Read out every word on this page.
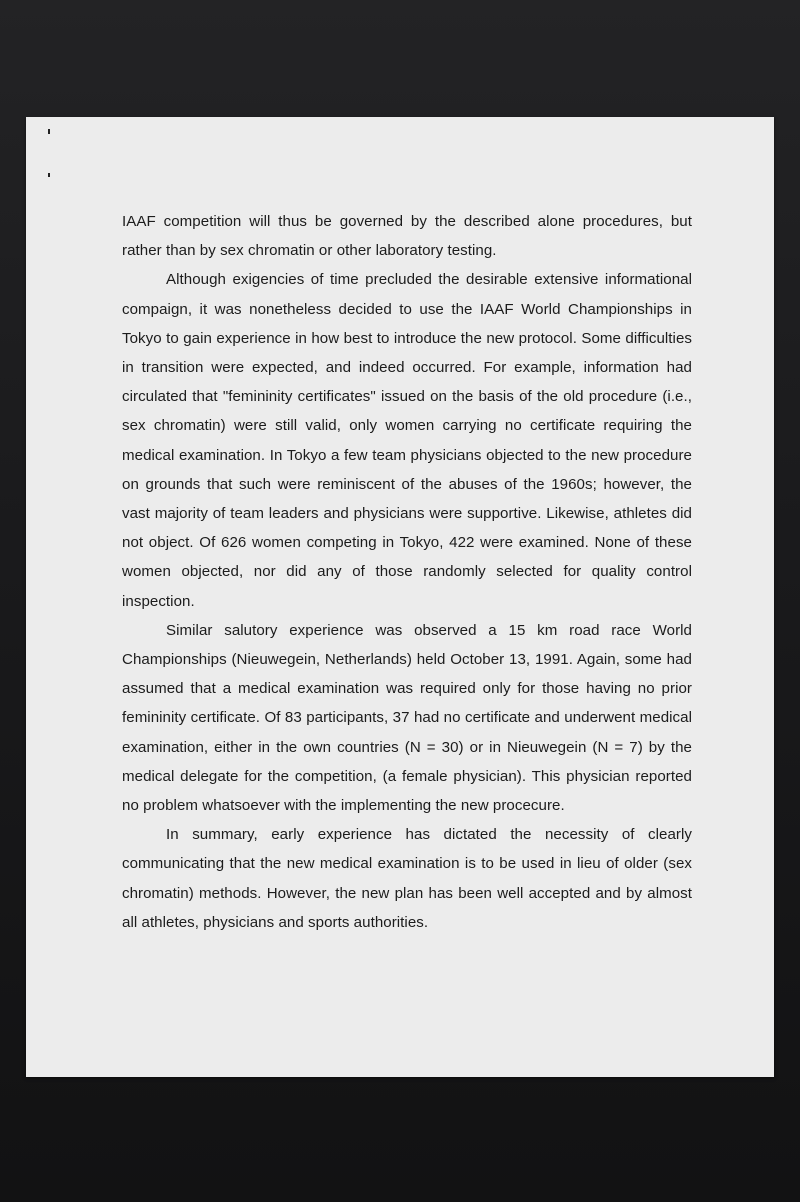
IAAF competition will thus be governed by the described alone procedures, but rather than by sex chromatin or other laboratory testing.

Although exigencies of time precluded the desirable extensive informational compaign, it was nonetheless decided to use the IAAF World Championships in Tokyo to gain experience in how best to introduce the new protocol. Some difficulties in transition were expected, and indeed occurred. For example, information had circulated that "femininity certificates" issued on the basis of the old procedure (i.e., sex chromatin) were still valid, only women carrying no certificate requiring the medical examination. In Tokyo a few team physicians objected to the new procedure on grounds that such were reminiscent of the abuses of the 1960s; however, the vast majority of team leaders and physicians were supportive. Likewise, athletes did not object. Of 626 women competing in Tokyo, 422 were examined. None of these women objected, nor did any of those randomly selected for quality control inspection.

Similar salutory experience was observed a 15 km road race World Championships (Nieuwegein, Netherlands) held October 13, 1991. Again, some had assumed that a medical examination was required only for those having no prior femininity certificate. Of 83 participants, 37 had no certificate and underwent medical examination, either in the own countries (N = 30) or in Nieuwegein (N = 7) by the medical delegate for the competition, (a female physician). This physician reported no problem whatsoever with the implementing the new procecure.

In summary, early experience has dictated the necessity of clearly communicating that the new medical examination is to be used in lieu of older (sex chromatin) methods. However, the new plan has been well accepted and by almost all athletes, physicians and sports authorities.
